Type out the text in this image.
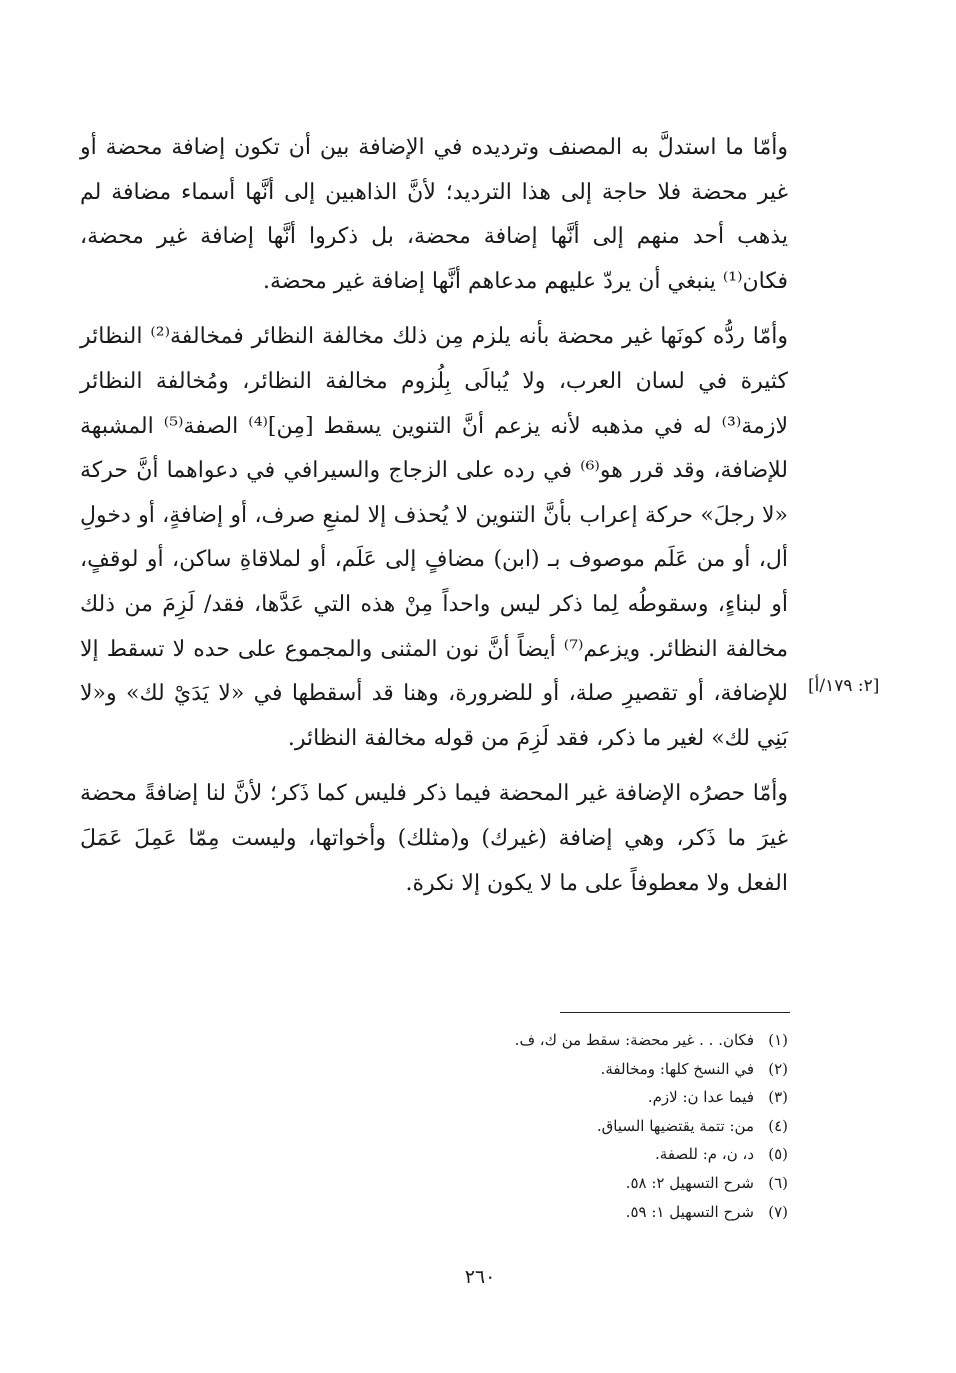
وأمّا ما استدلَّ به المصنف وترديده في الإضافة بين أن تكون إضافة محضة أو غير محضة فلا حاجة إلى هذا الترديد؛ لأنَّ الذاهبين إلى أنَّها أسماء مضافة لم يذهب أحد منهم إلى أنَّها إضافة محضة، بل ذكروا أنَّها إضافة غير محضة، فكان⁽¹⁾ ينبغي أن يردّ عليهم مدعاهم أنَّها إضافة غير محضة.

وأمّا ردُّه كونَها غير محضة بأنه يلزم مِن ذلك مخالفة النظائر فمخالفة⁽²⁾ النظائر كثيرة في لسان العرب، ولا يُبالَى بِلُزوم مخالفة النظائر، ومُخالفة النظائر لازمة⁽³⁾ له في مذهبه لأنه يزعم أنَّ التنوين يسقط [مِن]⁽⁴⁾ الصفة⁽⁵⁾ المشبهة للإضافة، وقد قرر هو⁽⁶⁾ في رده على الزجاج والسيرافي في دعواهما أنَّ حركة «لا رجلَ» حركة إعراب بأنَّ التنوين لا يُحذف إلا لمنعِ صرف، أو إضافةٍ، أو دخولِ أل، أو من عَلَم موصوف بـ (ابن) مضافٍ إلى عَلَم، أو لملاقاةِ ساكن، أو لوقفٍ، أو لبناءٍ، وسقوطُه لِما ذكر ليس واحداً مِنْ هذه التي عَدَّها، فقد/ لَزِمَ من ذلك مخالفة النظائر. ويزعم⁽⁷⁾ أيضاً أنَّ نون المثنى والمجموع على حده لا تسقط إلا للإضافة، أو تقصيرِ صلة، أو للضرورة، وهنا قد أسقطها في «لا يَدَيْ لك» و«لا بَنِي لك» لغير ما ذكر، فقد لَزِمَ من قوله مخالفة النظائر.

وأمّا حصرُه الإضافة غير المحضة فيما ذكر فليس كما ذَكر؛ لأنَّ لنا إضافةً محضة غيرَ ما ذَكر، وهي إضافة (غيرك) و(مثلك) وأخواتها، وليست مِمّا عَمِلَ عَمَلَ الفعل ولا معطوفاً على ما لا يكون إلا نكرة.

[٢: ١٧٩/أ]
(١)
فكان. . . غير محضة: سقط من ك، ف.
(٢)
في النسخ كلها: ومخالفة.
(٣)
فيما عدا ن: لازم.
(٤)
من: تتمة يقتضيها السياق.
(٥)
د، ن، م: للصفة.
(٦)
شرح التسهيل ٢: ٥٨.
(٧)
شرح التسهيل ١: ٥٩.
٢٦٠
